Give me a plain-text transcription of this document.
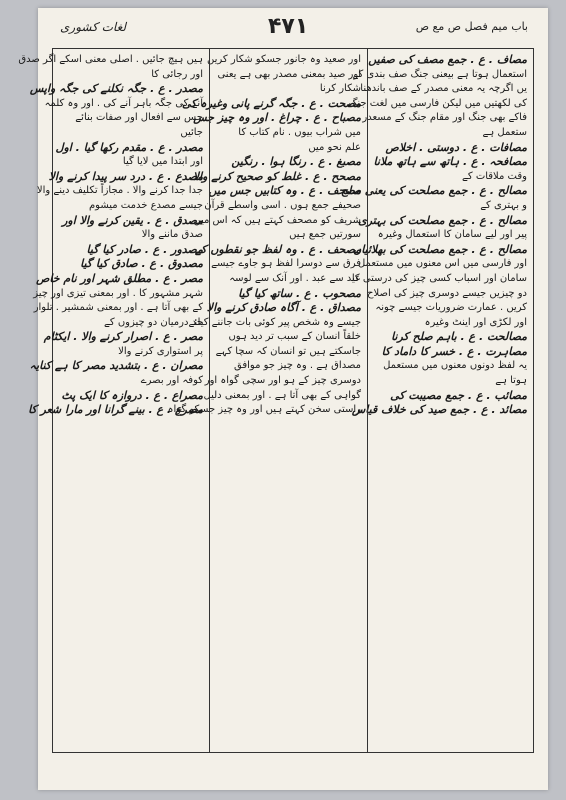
لغات کشوری	۴۷۱	باب میم فصل ص مع ص
مصاف . ع . جمع مصف کی صفیں
استعمال ہوتا ہے بیعنی جنگ صف بندی کے
یں اگرچہ یہ معنی مصدر کے صف باندھنا
کی لکھتیں میں لیکن فارسی میں لغت جنگ
فاکے بھی جنگ اور مقام جنگ کے مسعدر
ستعمل ہے
مصافات . ع . دوستی . اخلاص
مصافحہ . ع . ہاتھ سے ہاتھ ملانا
وقت ملاقات کے
مصالح . ع . جمع مصلحت کی یعنی صلح
و بہتری کے
مصالح . ع . جمع مصلحت کی بہتری
پیر اور لیے سامان کا استعمال وغیرہ
مصالح . ع . جمع مصلحت کی بھلائیاں
اور فارسی میں اس معنوں میں مستعمل
سامان اور اسباب کسی چیز کی درستی کا
دو چیزیں جیسے دوسری چیز کی اصلاح
کریں . عمارت ضروریات جیسے چونہ
اور لکڑی اور اینٹ وغیرہ
مصالحت . ع . باہم صلح کرنا
مصاہرت . ع . خسر کا داماد کا
یہ لفظ دونوں معنوں میں مستعمل
ہوتا ہے
مصائب . ع . جمع مصیبت کی
مصائد . ع . جمع صید کی خلاف قیاس
اور صعید وہ جانور جسکو شکار کریں
اور صید بمعنی مصدر بھی ہے یعنی
شکار کرنا
مصحت . ع . جگہ گرنے پانی وغیرہ کی
مصباح . ع . چراغ . اور وہ چیز جس
میں شراب بیوں . نام کتاب کا
علم نحو میں
مصبغ . ع . رنگا ہوا . رنگین
مصحح . ع . غلط کو صحیح کرنے والا
مصحف . ع . وہ کتابیں جس میں
صحیفے جمع ہوں . اسی واسطے قرآن
شریف کو مصحف کہتے ہیں کہ اس میں
سورتیں جمع ہیں
مصحف . ع . وہ لفظ جو نقطوں کے
فرق سے دوسرا لفظ ہو جاوے جیسے
عید سے عبد . اور آنک سے لوسہ
مصحوب . ع . ساتھ کیا گیا
مصداق . ع . آگاہ صادق کرنے والا
جیسے وہ شخص پیر کوئی بات جاننے کیلئے
خلقاً انسان کے سبب تر دید ہوں
جاسکتے ہیں تو انسان کہ سچا کہے
مصداق ہے . وہ چیز جو موافق
دوسری چیز کے ہو اور سچی گواہ اور
گواہی کے بھی آتا ہے . اور بمعنی دلیل
راستی سخن کہتے ہیں اور وہ چیز جسکو گواہ
ہیں ہیچ جائیں . اصلی معنی اسکے اگر صدق
اور رجائی کا
مصدر . ع . جگہ نکلنے کی جگہ واپس
آنے کی جگہ باہر آنے کی . اور وہ کلمہ
جس سے افعال اور صفات بنائے
جائیں
مصدر . ع . مقدم رکھا گیا . اول
اور ابتدا میں لایا گیا
مصدع . ع . درد سر پیدا کرنے والا
جدا جدا کرنے والا . مجازاً تکلیف دینے والا
جیسے مصدع خدمت میشوم
مصدق . ع . یقین کرنے والا اور
صدق ماننے والا
مصدور . ع . صادر کیا گیا
مصدوق . ع . صادق کیا گیا
مصر . ع . مطلق شہر اور نام خاص
شہر مشہور کا . اور بمعنی تیزی اور چیز
کے بھی آتا ہے . اور بمعنی شمشیر . تلوار
حد درمیان دو چیزوں کے
مصر . ع . اصرار کرنے والا . ایکٹام
پر استواری کرنے والا
مصران . ع . بتشدید مصر کا ہے کنایہ
کوفہ اور بصرے
مصراع . ع . دروازہ کا ایک پٹ
مصرع . ع . بینے گرانا اور مارا شعر کا
